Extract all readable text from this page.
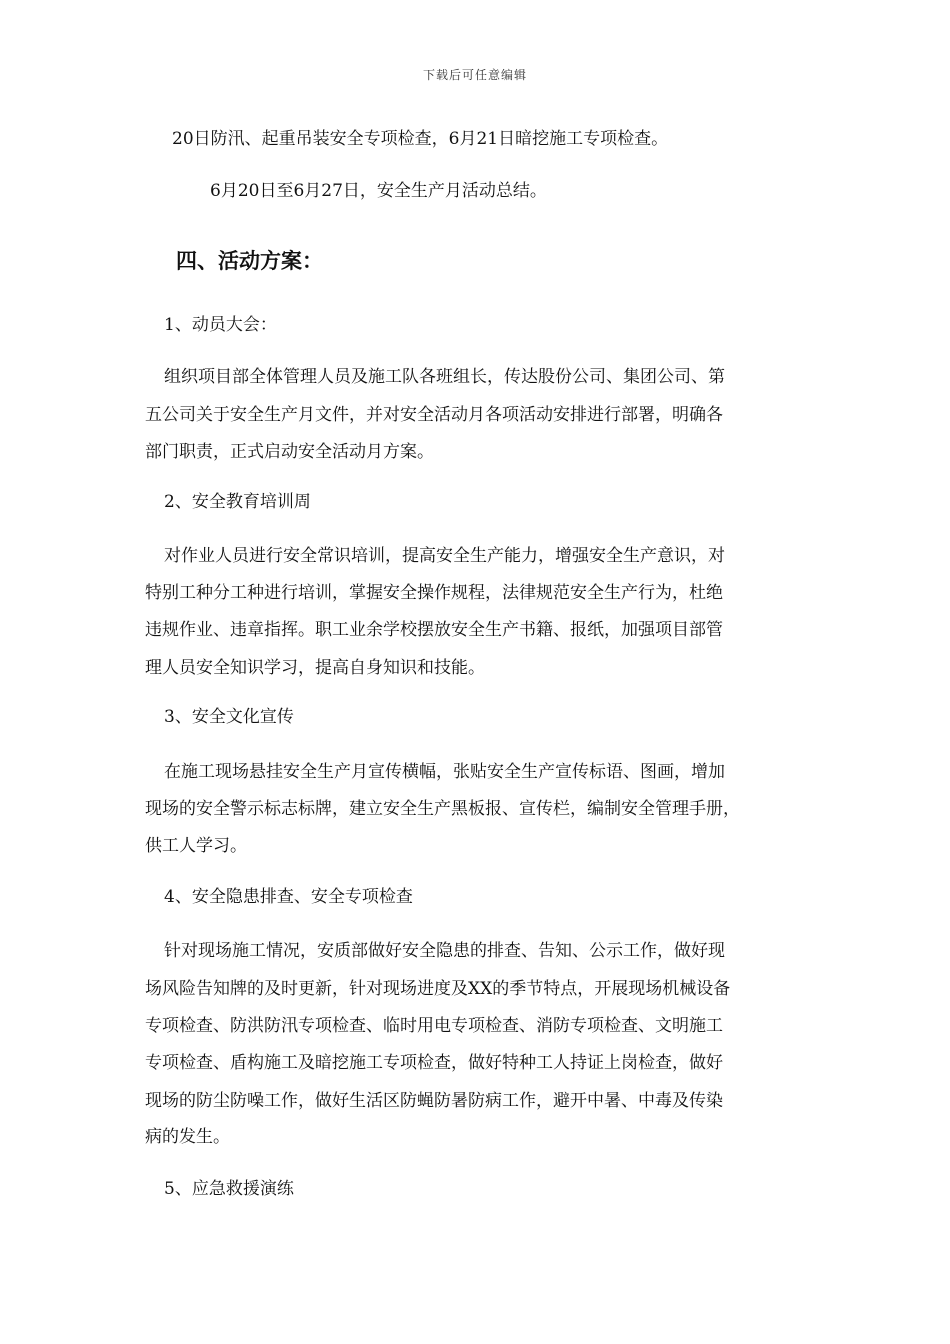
下载后可任意编辑
20日防汛、起重吊装安全专项检查，6月21日暗挖施工专项检查。
6月20日至6月27日，安全生产月活动总结。
四、活动方案：
1、动员大会：
组织项目部全体管理人员及施工队各班组长，传达股份公司、集团公司、第
五公司关于安全生产月文件，并对安全活动月各项活动安排进行部署，明确各
部门职责，正式启动安全活动月方案。
2、安全教育培训周
对作业人员进行安全常识培训，提高安全生产能力，增强安全生产意识，对
特别工种分工种进行培训，掌握安全操作规程，法律规范安全生产行为，杜绝
违规作业、违章指挥。职工业余学校摆放安全生产书籍、报纸，加强项目部管
理人员安全知识学习，提高自身知识和技能。
3、安全文化宣传
在施工现场悬挂安全生产月宣传横幅，张贴安全生产宣传标语、图画，增加
现场的安全警示标志标牌，建立安全生产黑板报、宣传栏，编制安全管理手册，
供工人学习。
4、安全隐患排查、安全专项检查
针对现场施工情况，安质部做好安全隐患的排查、告知、公示工作，做好现
场风险告知牌的及时更新，针对现场进度及XX的季节特点，开展现场机械设备
专项检查、防洪防汛专项检查、临时用电专项检查、消防专项检查、文明施工
专项检查、盾构施工及暗挖施工专项检查，做好特种工人持证上岗检查，做好
现场的防尘防噪工作，做好生活区防蝇防暑防病工作，避开中暑、中毒及传染
病的发生。
5、应急救援演练
